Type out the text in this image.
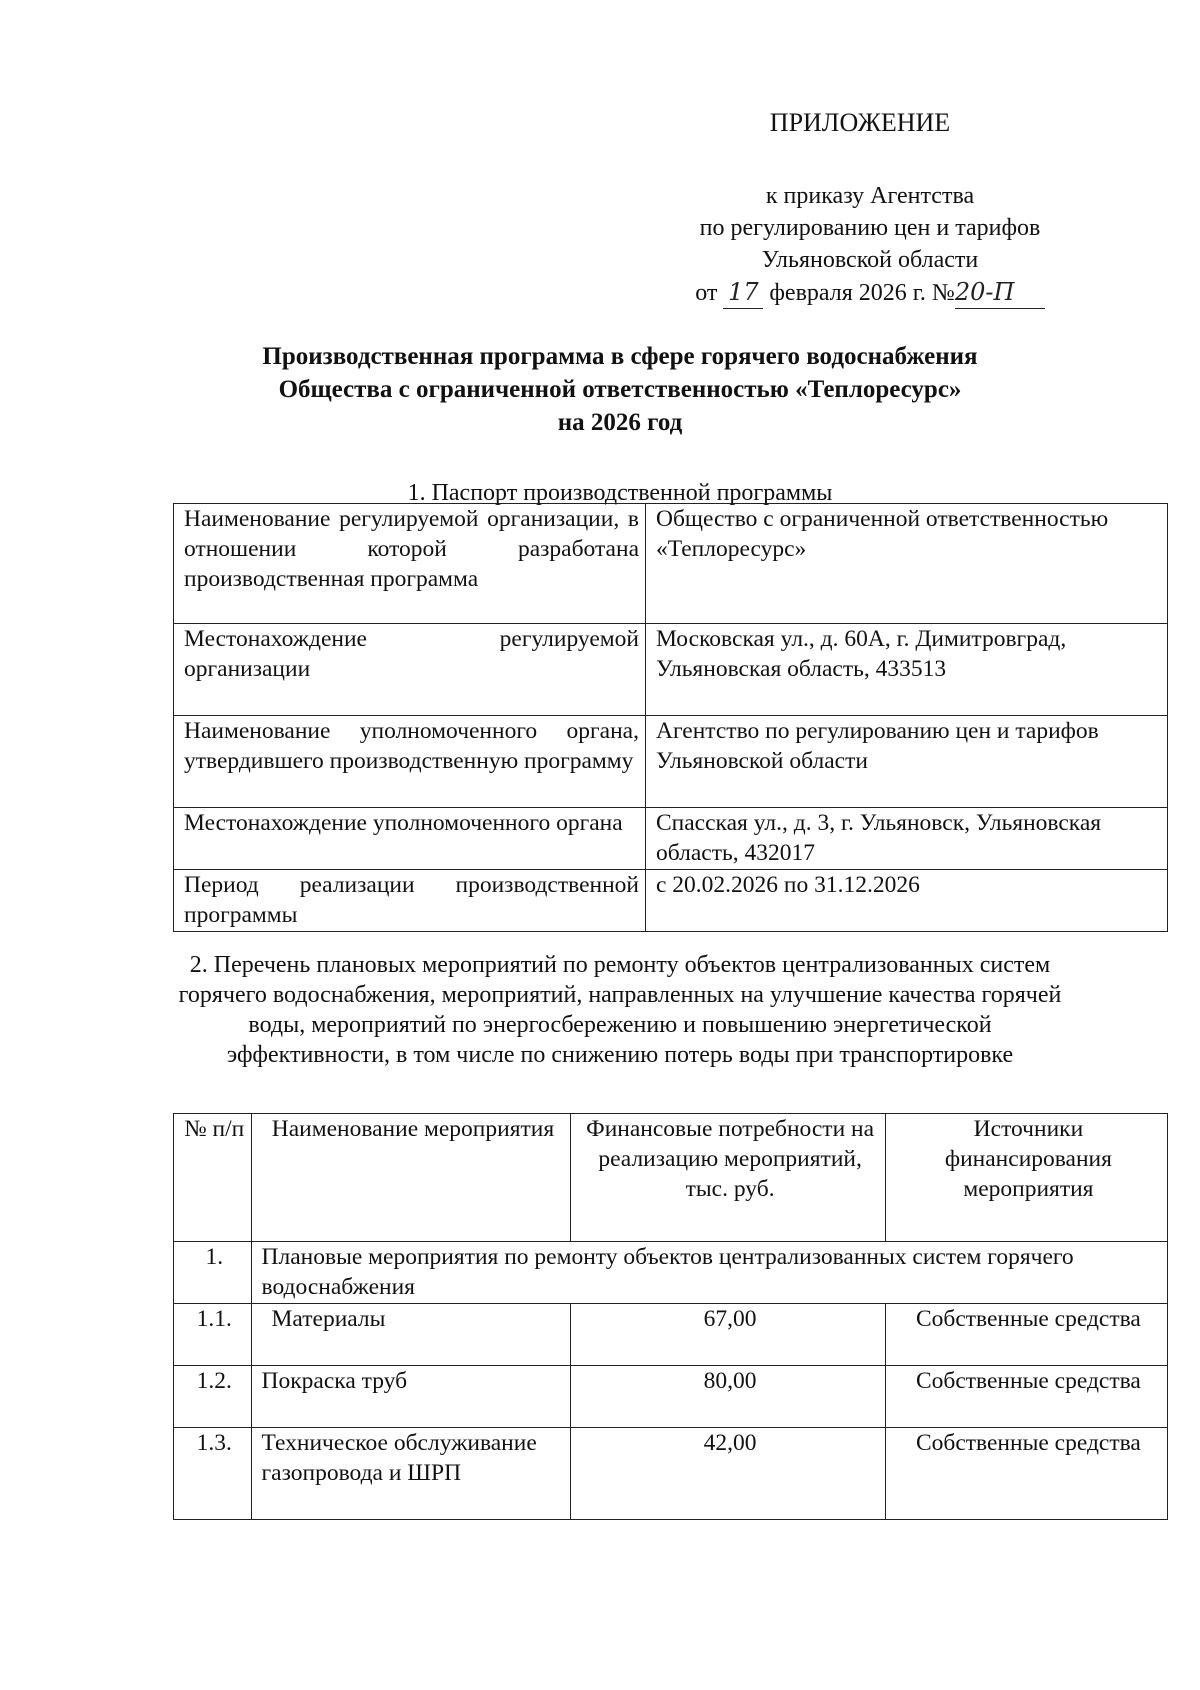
ПРИЛОЖЕНИЕ
к приказу Агентства
по регулированию цен и тарифов
Ульяновской области
от 17 февраля 2026 г. №20-П
Производственная программа в сфере горячего водоснабжения
Общества с ограниченной ответственностью «Теплоресурс»
на 2026 год
1. Паспорт производственной программы
Наименование регулируемой организации, в отношении которой разработана производственная программа	Общество с ограниченной ответственностью «Теплоресурс»
Местонахождение регулируемой организации	Московская ул., д. 60А, г. Димитровград, Ульяновская область, 433513
Наименование уполномоченного органа, утвердившего производственную программу	Агентство по регулированию цен и тарифов Ульяновской области
Местонахождение уполномоченного органа	Спасская ул., д. 3, г. Ульяновск, Ульяновская область, 432017
Период реализации производственной программы	с 20.02.2026 по 31.12.2026
2. Перечень плановых мероприятий по ремонту объектов централизованных систем горячего водоснабжения, мероприятий, направленных на улучшение качества горячей воды, мероприятий по энергосбережению и повышению энергетической эффективности, в том числе по снижению потерь воды при транспортировке
№ п/п	Наименование мероприятия	Финансовые потребности на реализацию мероприятий, тыс. руб.	Источники финансирования мероприятия
1.	Плановые мероприятия по ремонту объектов централизованных систем горячего водоснабжения		
1.1.	Материалы	67,00	Собственные средства
1.2.	Покраска труб	80,00	Собственные средства
1.3.	Техническое обслуживание газопровода и ШРП	42,00	Собственные средства
